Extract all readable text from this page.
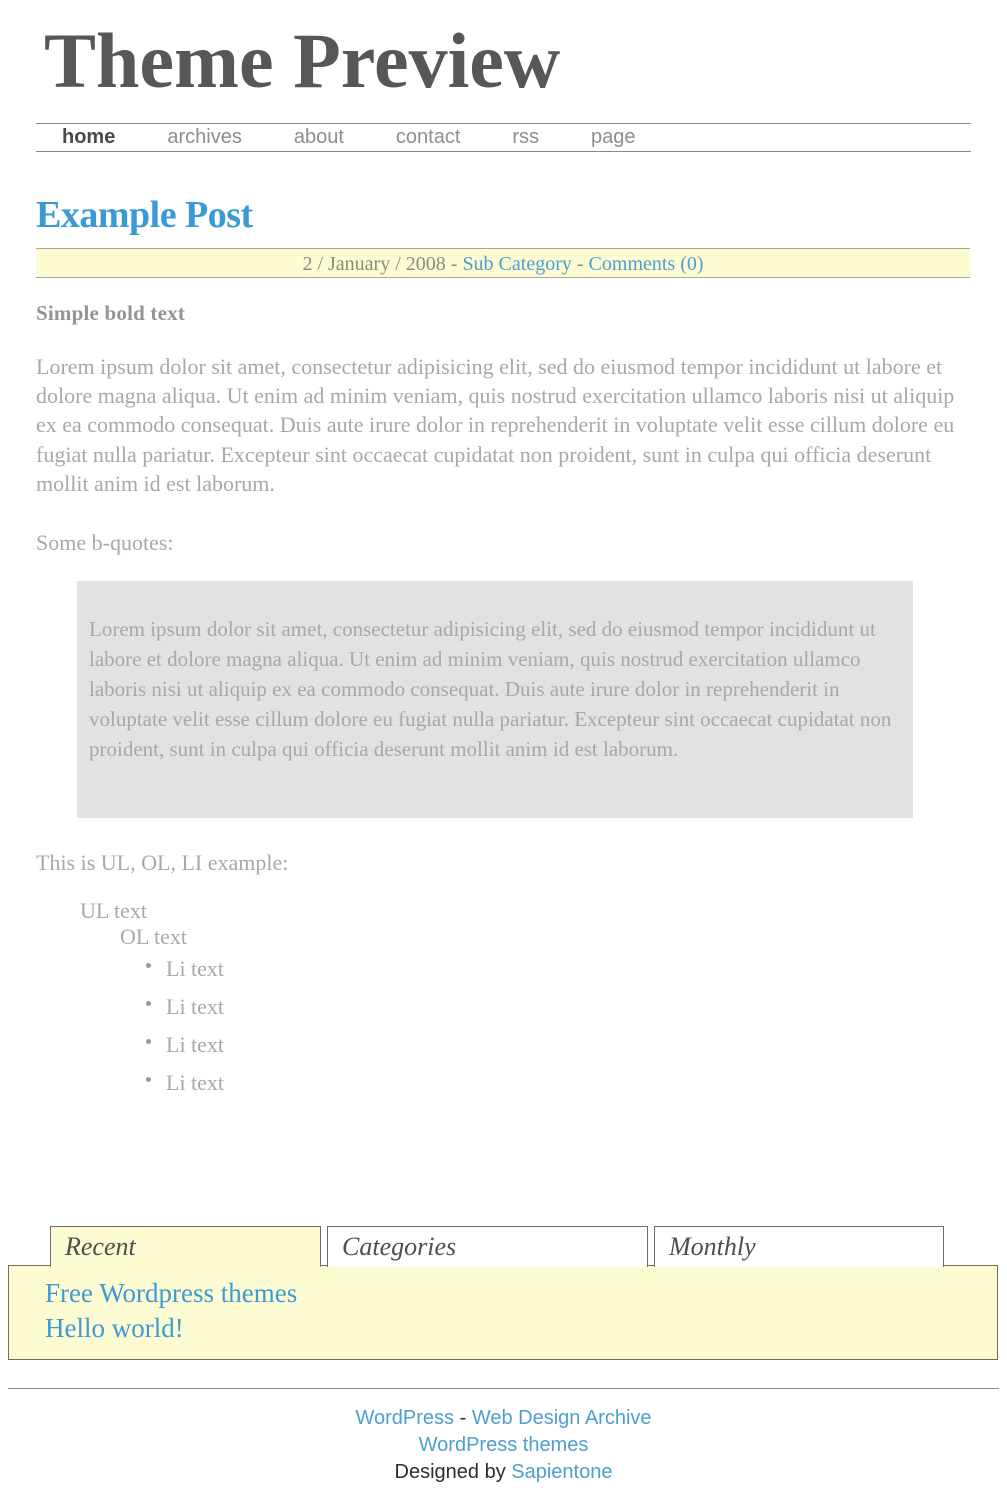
Theme Preview
home	archives	about	contact	rss	page
Example Post
2 / January / 2008 - Sub Category - Comments (0)
Simple bold text

Lorem ipsum dolor sit amet, consectetur adipisicing elit, sed do eiusmod tempor incididunt ut labore et dolore magna aliqua. Ut enim ad minim veniam, quis nostrud exercitation ullamco laboris nisi ut aliquip ex ea commodo consequat. Duis aute irure dolor in reprehenderit in voluptate velit esse cillum dolore eu fugiat nulla pariatur. Excepteur sint occaecat cupidatat non proident, sunt in culpa qui officia deserunt mollit anim id est laborum.

Some b-quotes:

Lorem ipsum dolor sit amet, consectetur adipisicing elit, sed do eiusmod tempor incididunt ut labore et dolore magna aliqua. Ut enim ad minim veniam, quis nostrud exercitation ullamco laboris nisi ut aliquip ex ea commodo consequat. Duis aute irure dolor in reprehenderit in voluptate velit esse cillum dolore eu fugiat nulla pariatur. Excepteur sint occaecat cupidatat non proident, sunt in culpa qui officia deserunt mollit anim id est laborum.

This is UL, OL, LI example:

UL text
OL text
Li text
Li text
Li text
Li text
Recent	Categories	Monthly
Free Wordpress themes
Hello world!
WordPress - Web Design Archive
WordPress themes
Designed by Sapientone
